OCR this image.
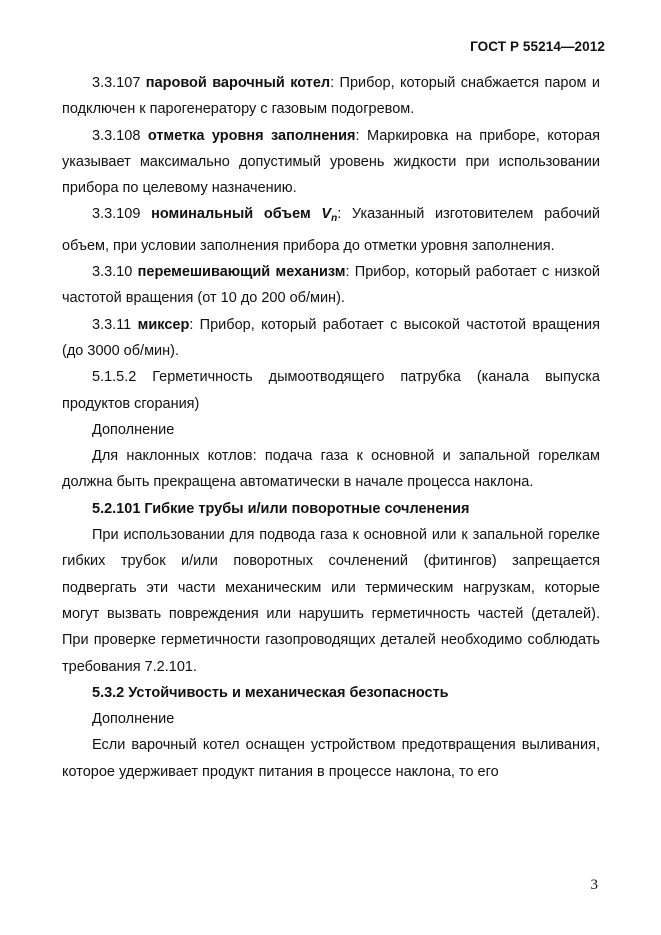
ГОСТ Р 55214—2012

3.3.107 паровой варочный котел: Прибор, который снабжается паром и подключен к парогенератору с газовым подогревом.

3.3.108 отметка уровня заполнения: Маркировка на приборе, которая указывает максимально допустимый уровень жидкости при использовании прибора по целевому назначению.

3.3.109 номинальный объем $V_n$: Указанный изготовителем рабочий объем, при условии заполнения прибора до отметки уровня заполнения.

3.3.10 перемешивающий механизм: Прибор, который работает с низкой частотой вращения (от 10 до 200 об/мин).

3.3.11 миксер: Прибор, который работает с высокой частотой вращения (до 3000 об/мин).

5.1.5.2 Герметичность дымоотводящего патрубка (канала выпуска продуктов сгорания)

Дополнение

Для наклонных котлов: подача газа к основной и запальной горелкам должна быть прекращена автоматически в начале процесса наклона.

5.2.101 Гибкие трубы и/или поворотные сочленения

При использовании для подвода газа к основной или к запальной горелке гибких трубок и/или поворотных сочленений (фитингов) запрещается подвергать эти части механическим или термическим нагрузкам, которые могут вызвать повреждения или нарушить герметичность частей (деталей). При проверке герметичности газопроводящих деталей необходимо соблюдать требования 7.2.101.

5.3.2 Устойчивость и механическая безопасность

Дополнение

Если варочный котел оснащен устройством предотвращения выливания, которое удерживает продукт питания в процессе наклона, то его

3
